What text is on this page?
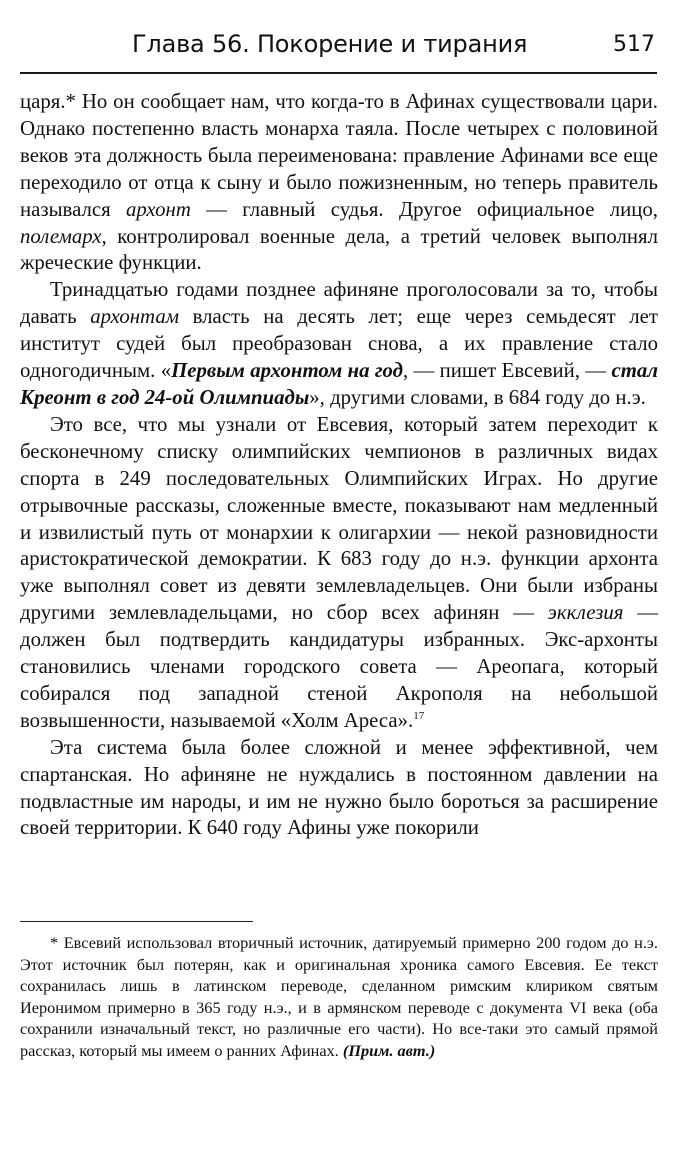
Глава 56. Покорение и тирания	517

царя.* Но он сообщает нам, что когда-то в Афинах существовали цари. Однако постепенно власть монарха таяла. После четырех с половиной веков эта должность была переименована: правление Афинами все еще переходило от отца к сыну и было пожизненным, но теперь правитель назывался архонт — главный судья. Другое официальное лицо, полемарх, контролировал военные дела, а третий человек выполнял жреческие функции.

Тринадцатью годами позднее афиняне проголосовали за то, чтобы давать архонтам власть на десять лет; еще через семьдесят лет институт судей был преобразован снова, а их правление стало одногодичным. «Первым архонтом на год, — пишет Евсевий, — стал Креонт в год 24-ой Олимпиады», другими словами, в 684 году до н.э.

Это все, что мы узнали от Евсевия, который затем переходит к бесконечному списку олимпийских чемпионов в различных видах спорта в 249 последовательных Олимпийских Играх. Но другие отрывочные рассказы, сложенные вместе, показывают нам медленный и извилистый путь от монархии к олигархии — некой разновидности аристократической демократии. К 683 году до н.э. функции архонта уже выполнял совет из девяти землевладельцев. Они были избраны другими землевладельцами, но сбор всех афинян — экклезия — должен был подтвердить кандидатуры избранных. Экс-архонты становились членами городского совета — Ареопага, который собирался под западной стеной Акрополя на небольшой возвышенности, называемой «Холм Ареса».$^{17}$

Эта система была более сложной и менее эффективной, чем спартанская. Но афиняне не нуждались в постоянном давлении на подвластные им народы, и им не нужно было бороться за расширение своей территории. К 640 году Афины уже покорили

* Евсевий использовал вторичный источник, датируемый примерно 200 годом до н.э. Этот источник был потерян, как и оригинальная хроника самого Евсевия. Ее текст сохранилась лишь в латинском переводе, сделанном римским клириком святым Иеронимом примерно в 365 году н.э., и в армянском переводе с документа VI века (оба сохранили изначальный текст, но различные его части). Но все-таки это самый прямой рассказ, который мы имеем о ранних Афинах. (Прим. авт.)
